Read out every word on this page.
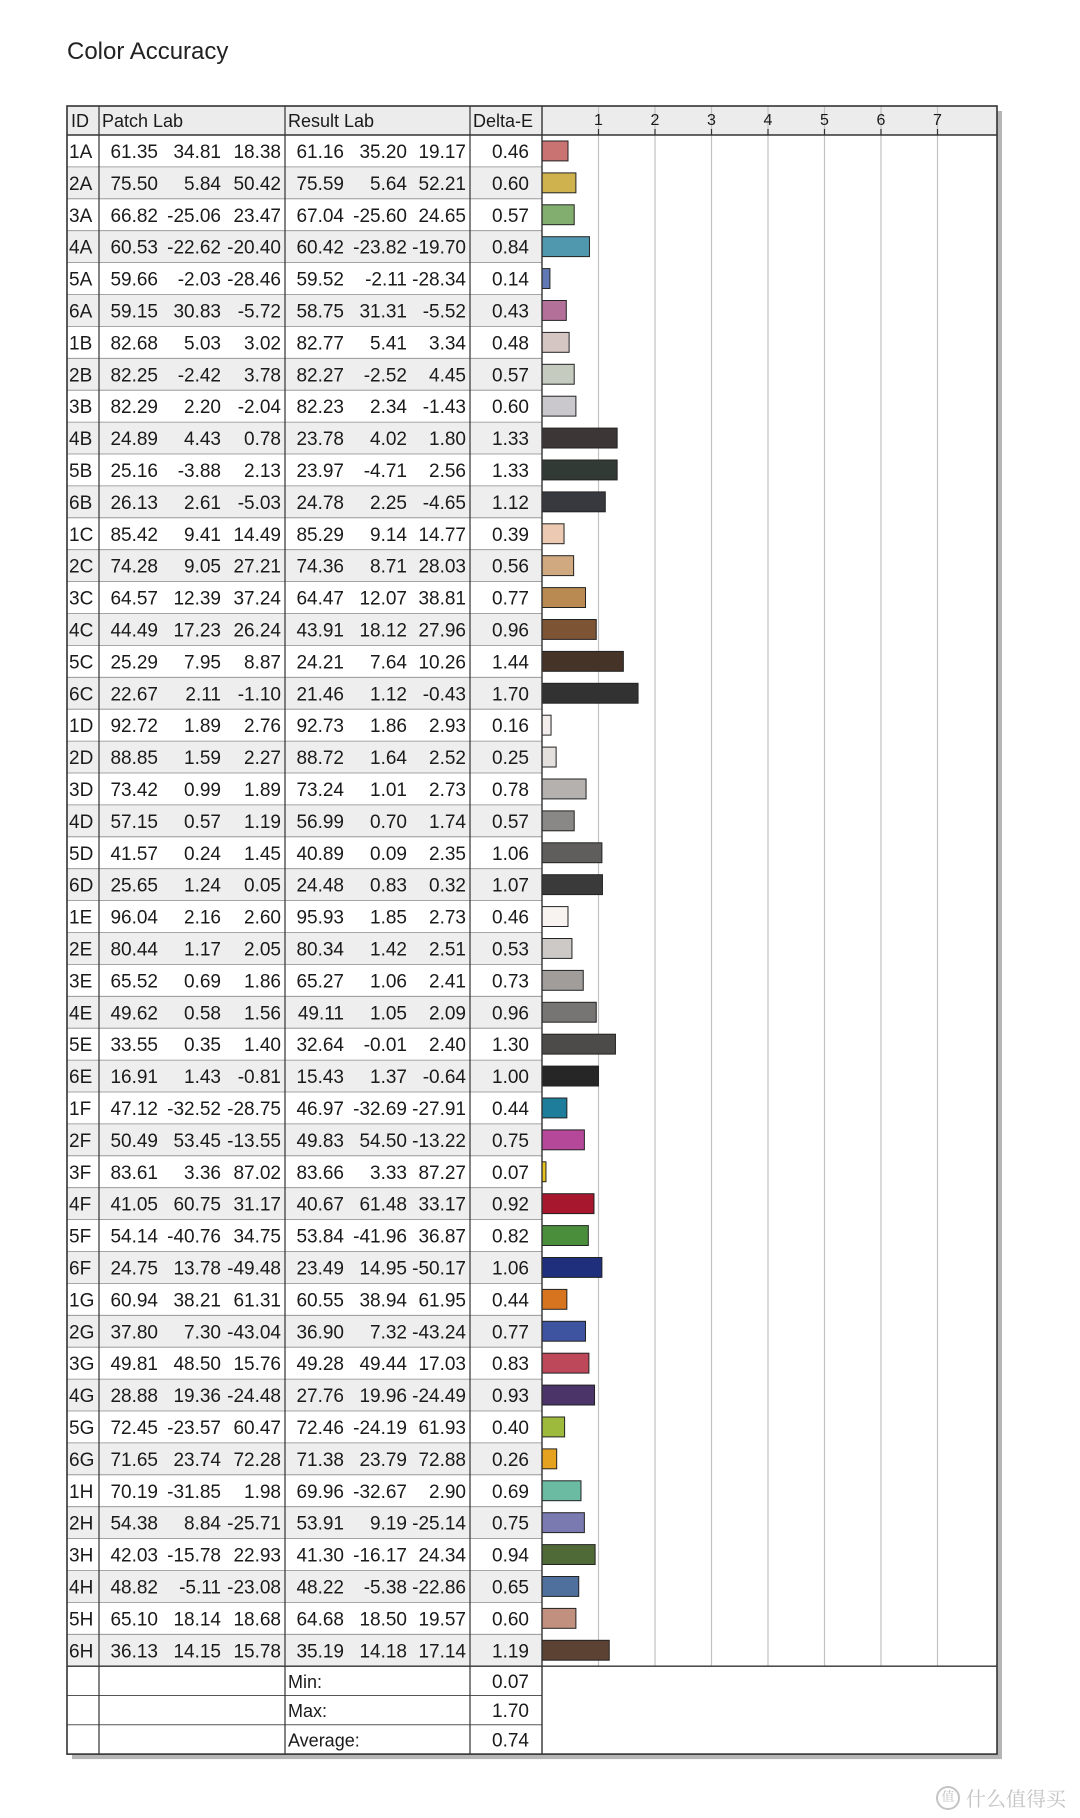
Color Accuracy
1	2	3	4	5	6	7
ID Patch Lab	Result Lab	Delta-E
1A 61.35 34.81 18.38 61.16 35.20 19.17 0.46
2A 75.50 5.84 50.42 75.59 5.64 52.21 0.60
3A 66.82 -25.06 23.47 67.04 -25.60 24.65 0.57
4A 60.53 -22.62 -20.40 60.42 -23.82 -19.70 0.84
5A 59.66 -2.03 -28.46 59.52 -2.11 -28.34 0.14
6A 59.15 30.83 -5.72 58.75 31.31 -5.52 0.43
1B 82.68 5.03 3.02 82.77 5.41 3.34 0.48
2B 82.25 -2.42 3.78 82.27 -2.52 4.45 0.57
3B 82.29 2.20 -2.04 82.23 2.34 -1.43 0.60
4B 24.89 4.43 0.78 23.78 4.02 1.80 1.33
5B 25.16 -3.88 2.13 23.97 -4.71 2.56 1.33
6B 26.13 2.61 -5.03 24.78 2.25 -4.65 1.12
1C 85.42 9.41 14.49 85.29 9.14 14.77 0.39
2C 74.28 9.05 27.21 74.36 8.71 28.03 0.56
3C 64.57 12.39 37.24 64.47 12.07 38.81 0.77
4C 44.49 17.23 26.24 43.91 18.12 27.96 0.96
5C 25.29 7.95 8.87 24.21 7.64 10.26 1.44
6C 22.67 2.11 -1.10 21.46 1.12 -0.43 1.70
1D 92.72 1.89 2.76 92.73 1.86 2.93 0.16
2D 88.85 1.59 2.27 88.72 1.64 2.52 0.25
3D 73.42 0.99 1.89 73.24 1.01 2.73 0.78
4D 57.15 0.57 1.19 56.99 0.70 1.74 0.57
5D 41.57 0.24 1.45 40.89 0.09 2.35 1.06
6D 25.65 1.24 0.05 24.48 0.83 0.32 1.07
1E 96.04 2.16 2.60 95.93 1.85 2.73 0.46
2E 80.44 1.17 2.05 80.34 1.42 2.51 0.53
3E 65.52 0.69 1.86 65.27 1.06 2.41 0.73
4E 49.62 0.58 1.56 49.11 1.05 2.09 0.96
5E 33.55 0.35 1.40 32.64 -0.01 2.40 1.30
6E 16.91 1.43 -0.81 15.43 1.37 -0.64 1.00
1F 47.12 -32.52 -28.75 46.97 -32.69 -27.91 0.44
2F 50.49 53.45 -13.55 49.83 54.50 -13.22 0.75
3F 83.61 3.36 87.02 83.66 3.33 87.27 0.07
4F 41.05 60.75 31.17 40.67 61.48 33.17 0.92
5F 54.14 -40.76 34.75 53.84 -41.96 36.87 0.82
6F 24.75 13.78 -49.48 23.49 14.95 -50.17 1.06
1G 60.94 38.21 61.31 60.55 38.94 61.95 0.44
2G 37.80 7.30 -43.04 36.90 7.32 -43.24 0.77
3G 49.81 48.50 15.76 49.28 49.44 17.03 0.83
4G 28.88 19.36 -24.48 27.76 19.96 -24.49 0.93
5G 72.45 -23.57 60.47 72.46 -24.19 61.93 0.40
6G 71.65 23.74 72.28 71.38 23.79 72.88 0.26
1H 70.19 -31.85 1.98 69.96 -32.67 2.90 0.69
2H 54.38 8.84 -25.71 53.91 9.19 -25.14 0.75
3H 42.03 -15.78 22.93 41.30 -16.17 24.34 0.94
4H 48.82 -5.11 -23.08 48.22 -5.38 -22.86 0.65
5H 65.10 18.14 18.68 64.68 18.50 19.57 0.60
6H 36.13 14.15 15.78 35.19 14.18 17.14 1.19
Min:	0.07
Max:	1.70
Average:	0.74
值 什么值得买
